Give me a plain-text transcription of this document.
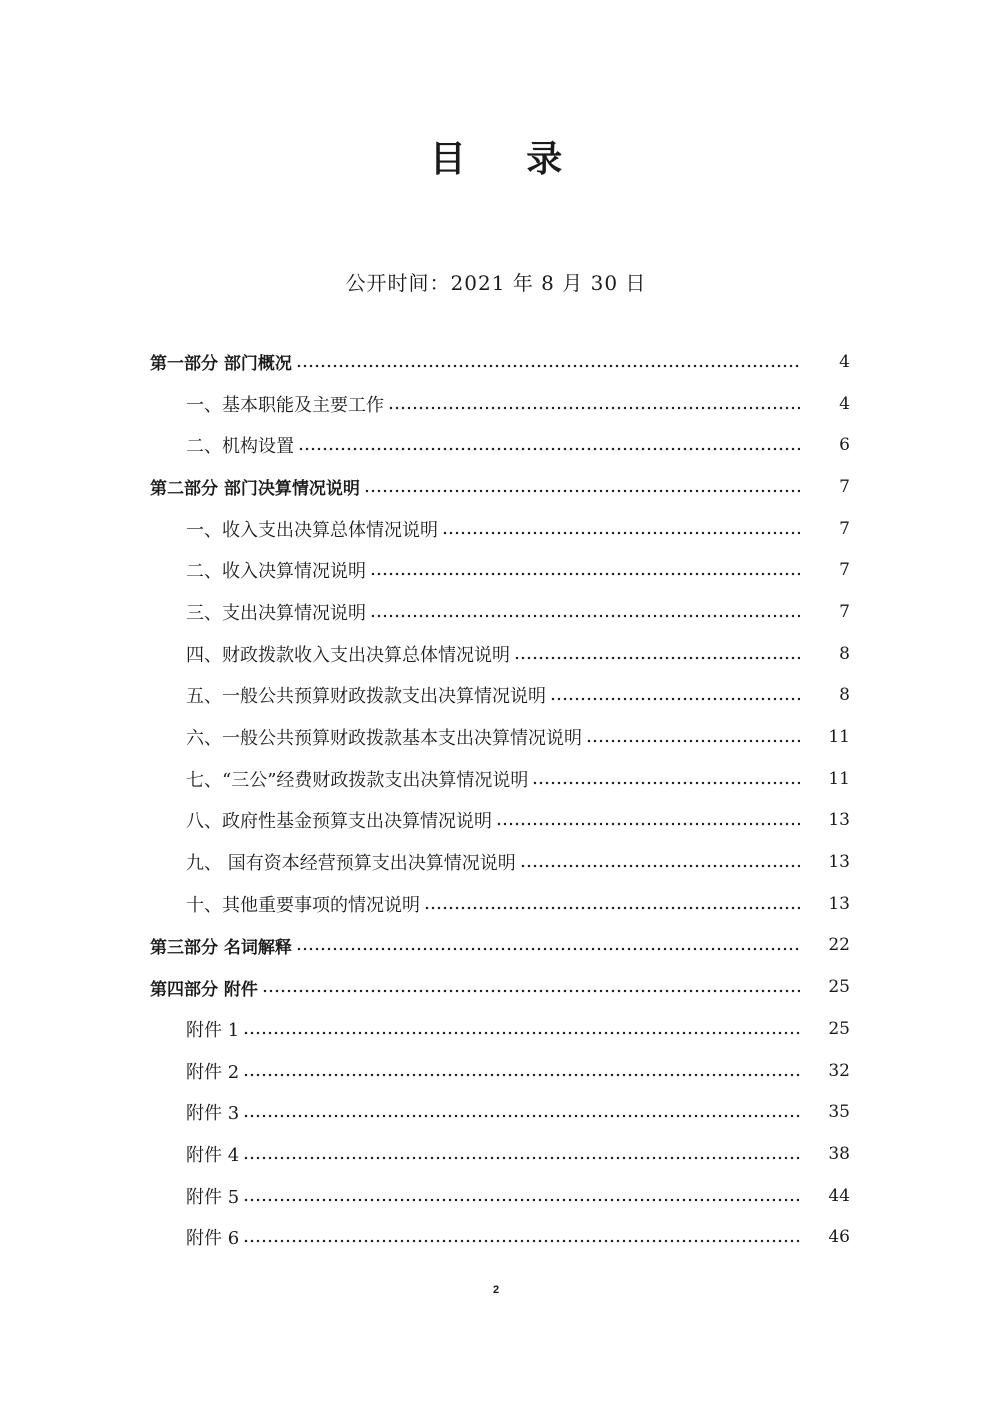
目 录
公开时间：2021 年 8 月 30 日
第一部分 部门概况	4
一、基本职能及主要工作	4
二、机构设置	6
第二部分 部门决算情况说明	7
一、收入支出决算总体情况说明	7
二、收入决算情况说明	7
三、支出决算情况说明	7
四、财政拨款收入支出决算总体情况说明	8
五、一般公共预算财政拨款支出决算情况说明	8
六、一般公共预算财政拨款基本支出决算情况说明	11
七、“三公”经费财政拨款支出决算情况说明	11
八、政府性基金预算支出决算情况说明	13
九、 国有资本经营预算支出决算情况说明	13
十、其他重要事项的情况说明	13
第三部分 名词解释	22
第四部分 附件	25
附件 1	25
附件 2	32
附件 3	35
附件 4	38
附件 5	44
附件 6	46
2
